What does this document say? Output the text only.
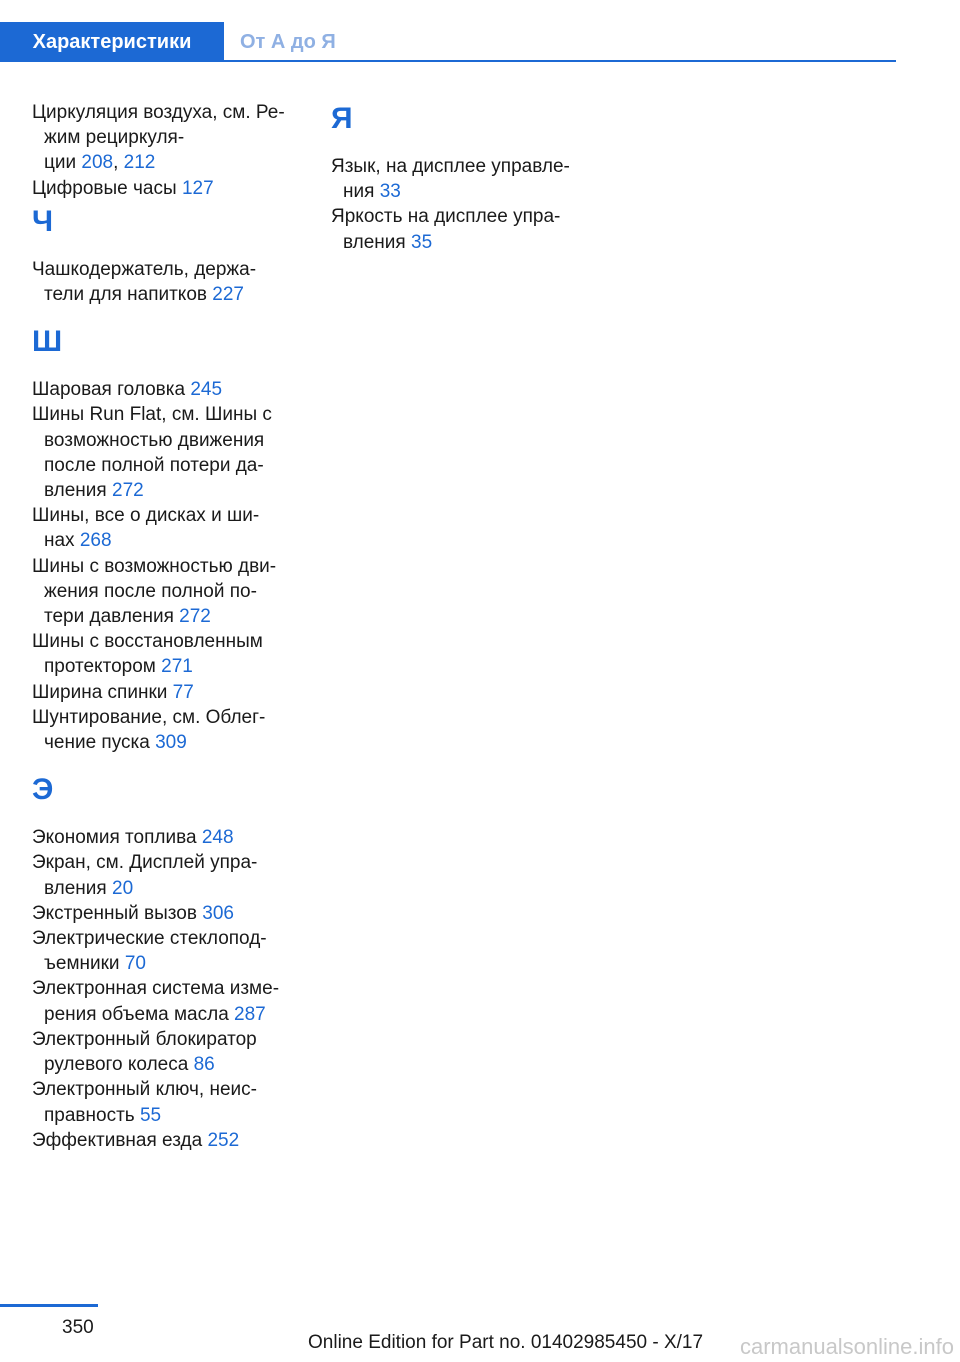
Характеристики	От А до Я
Циркуляция воздуха, см. Ре-
жим рециркуля-
ции 208, 212
Цифровые часы 127
Ч
Чашкодержатель, держа-
тели для напитков 227
Ш
Шаровая головка 245
Шины Run Flat, см. Шины с
возможностью движения
после полной потери да-
вления 272
Шины, все о дисках и ши-
нах 268
Шины с возможностью дви-
жения после полной по-
тери давления 272
Шины с восстановленным
протектором 271
Ширина спинки 77
Шунтирование, см. Облег-
чение пуска 309
Э
Экономия топлива 248
Экран, см. Дисплей упра-
вления 20
Экстренный вызов 306
Электрические стеклопод-
ъемники 70
Электронная система изме-
рения объема масла 287
Электронный блокиратор
рулевого колеса 86
Электронный ключ, неис-
правность 55
Эффективная езда 252
Я
Язык, на дисплее управле-
ния 33
Яркость на дисплее упра-
вления 35
350
Online Edition for Part no. 01402985450 - X/17 carmanualsonline.info
